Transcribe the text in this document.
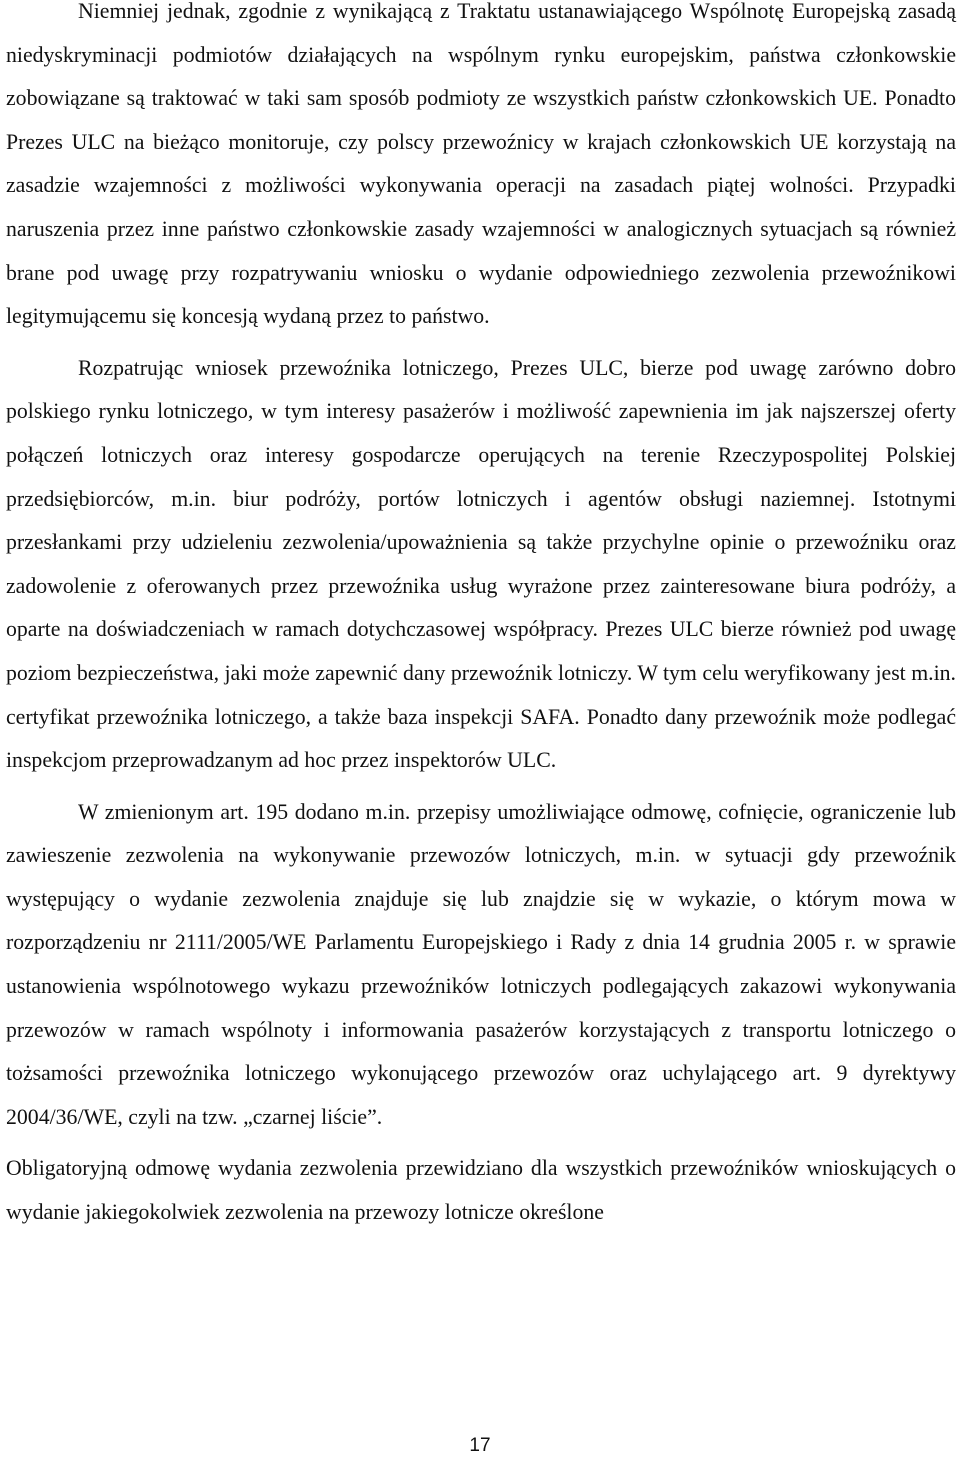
Niemniej jednak, zgodnie z wynikającą z Traktatu ustanawiającego Wspólnotę Europejską zasadą niedyskryminacji podmiotów działających na wspólnym rynku europejskim, państwa członkowskie zobowiązane są traktować w taki sam sposób podmioty ze wszystkich państw członkowskich UE. Ponadto Prezes ULC na bieżąco monitoruje, czy polscy przewoźnicy w krajach członkowskich UE korzystają na zasadzie wzajemności z możliwości wykonywania operacji na zasadach piątej wolności. Przypadki naruszenia przez inne państwo członkowskie zasady wzajemności w analogicznych sytuacjach są również brane pod uwagę przy rozpatrywaniu wniosku o wydanie odpowiedniego zezwolenia przewoźnikowi legitymującemu się koncesją wydaną przez to państwo.

Rozpatrując wniosek przewoźnika lotniczego, Prezes ULC, bierze pod uwagę zarówno dobro polskiego rynku lotniczego, w tym interesy pasażerów i możliwość zapewnienia im jak najszerszej oferty połączeń lotniczych oraz interesy gospodarcze operujących na terenie Rzeczypospolitej Polskiej przedsiębiorców, m.in. biur podróży, portów lotniczych i agentów obsługi naziemnej. Istotnymi przesłankami przy udzieleniu zezwolenia/upoważnienia są także przychylne opinie o przewoźniku oraz zadowolenie z oferowanych przez przewoźnika usług wyrażone przez zainteresowane biura podróży, a oparte na doświadczeniach w ramach dotychczasowej współpracy. Prezes ULC bierze również pod uwagę poziom bezpieczeństwa, jaki może zapewnić dany przewoźnik lotniczy. W tym celu weryfikowany jest m.in. certyfikat przewoźnika lotniczego, a także baza inspekcji SAFA. Ponadto dany przewoźnik może podlegać inspekcjom przeprowadzanym ad hoc przez inspektorów ULC.

W zmienionym art. 195 dodano m.in. przepisy umożliwiające odmowę, cofnięcie, ograniczenie lub zawieszenie zezwolenia na wykonywanie przewozów lotniczych, m.in. w sytuacji gdy przewoźnik występujący o wydanie zezwolenia znajduje się lub znajdzie się w wykazie, o którym mowa w rozporządzeniu nr 2111/2005/WE Parlamentu Europejskiego i Rady z dnia 14 grudnia 2005 r. w sprawie ustanowienia wspólnotowego wykazu przewoźników lotniczych podlegających zakazowi wykonywania przewozów w ramach wspólnoty i informowania pasażerów korzystających z transportu lotniczego o tożsamości przewoźnika lotniczego wykonującego przewozów oraz uchylającego art. 9 dyrektywy 2004/36/WE, czyli na tzw. „czarnej liście”.

Obligatoryjną odmowę wydania zezwolenia przewidziano dla wszystkich przewoźników wnioskujących o wydanie jakiegokolwiek zezwolenia na przewozy lotnicze określone

17
